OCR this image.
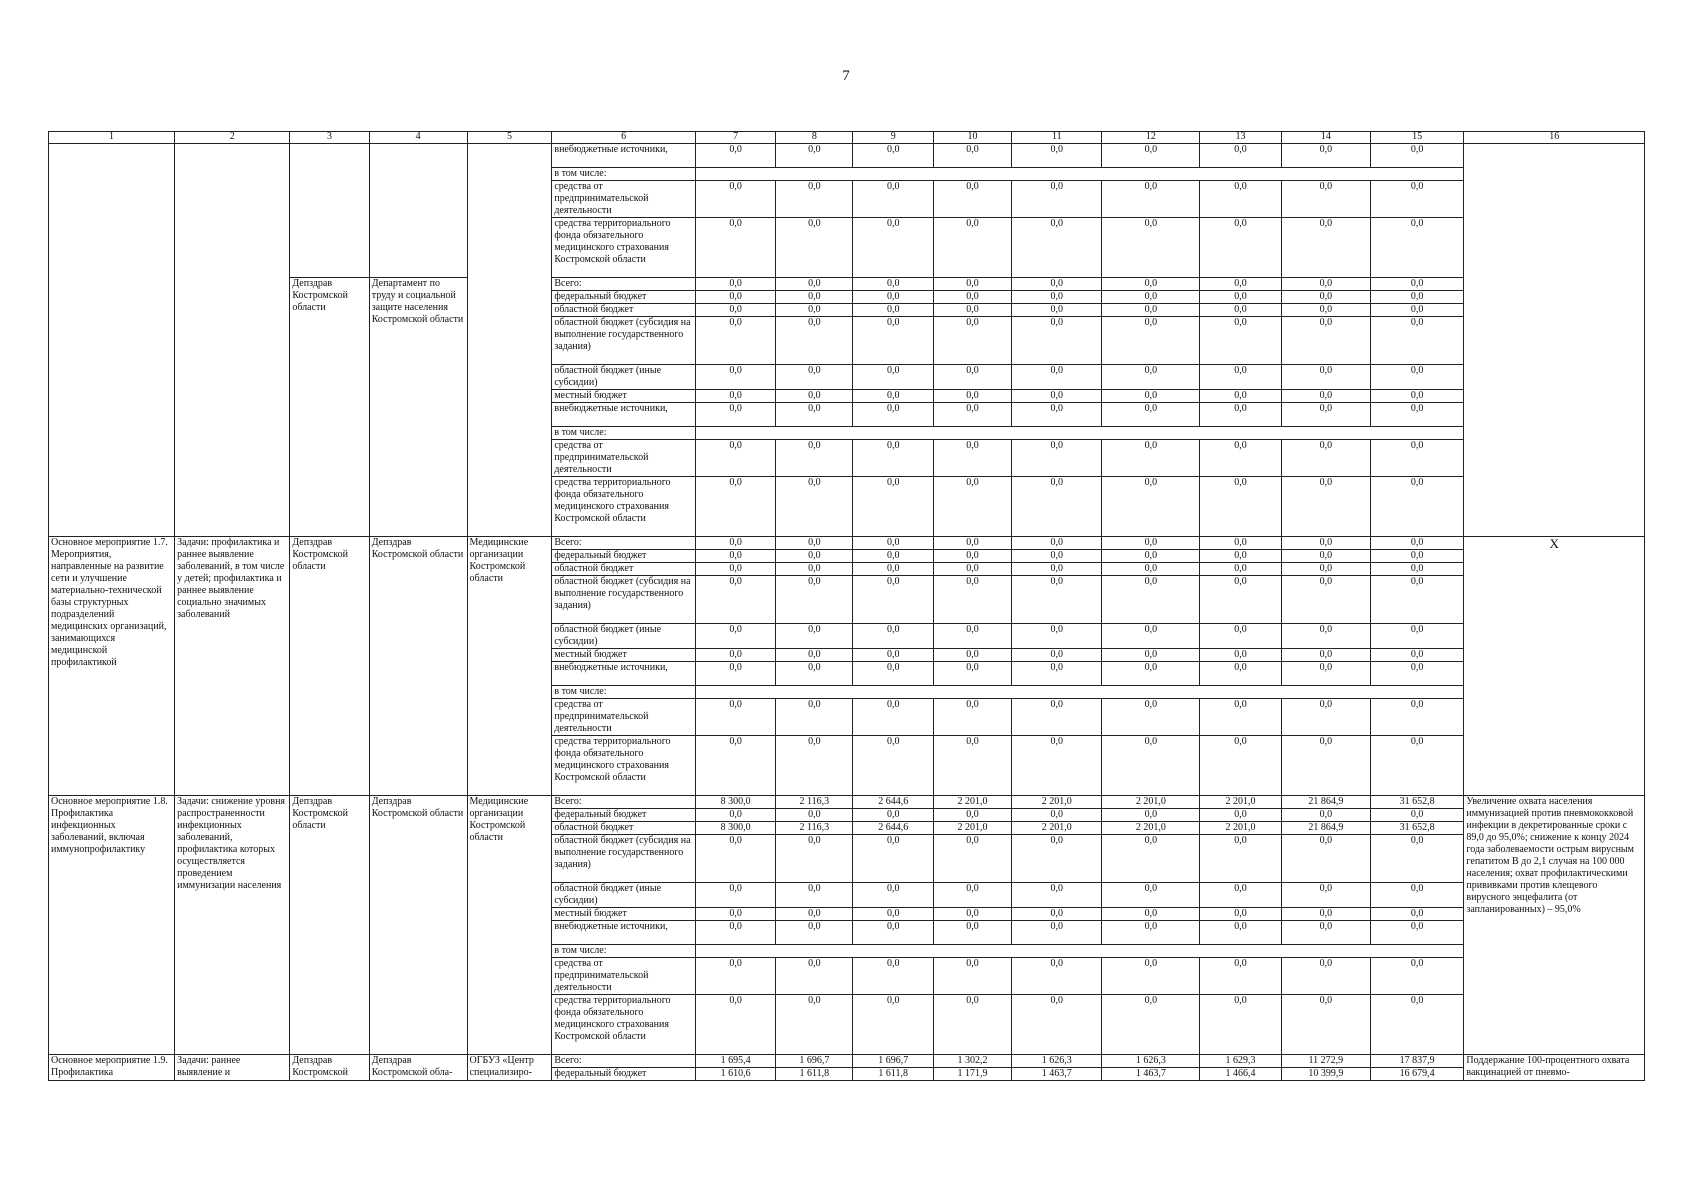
7
1	2	3	4	5	6	7	8	9	10	11	12	13	14	15	16
					внебюджетные источники,	0,0	0,0	0,0	0,0	0,0	0,0	0,0	0,0	0,0	
					в том числе:										
					средства от предпринимательской деятельности	0,0	0,0	0,0	0,0	0,0	0,0	0,0	0,0	0,0	
					средства территориального фонда обязательного медицинского страхования Костромской области	0,0	0,0	0,0	0,0	0,0	0,0	0,0	0,0	0,0	
		Депздрав Костромской области	Департамент по труду и социальной защите населения Костромской области		Всего:	0,0	0,0	0,0	0,0	0,0	0,0	0,0	0,0	0,0	
					федеральный бюджет	0,0	0,0	0,0	0,0	0,0	0,0	0,0	0,0	0,0	
					областной бюджет	0,0	0,0	0,0	0,0	0,0	0,0	0,0	0,0	0,0	
					областной бюджет (субсидия на выполнение государственного задания)	0,0	0,0	0,0	0,0	0,0	0,0	0,0	0,0	0,0	
					областной бюджет (иные субсидии)	0,0	0,0	0,0	0,0	0,0	0,0	0,0	0,0	0,0	
					местный бюджет	0,0	0,0	0,0	0,0	0,0	0,0	0,0	0,0	0,0	
					внебюджетные источники,	0,0	0,0	0,0	0,0	0,0	0,0	0,0	0,0	0,0	
					в том числе:										
					средства от предпринимательской деятельности	0,0	0,0	0,0	0,0	0,0	0,0	0,0	0,0	0,0	
					средства территориального фонда обязательного медицинского страхования Костромской области	0,0	0,0	0,0	0,0	0,0	0,0	0,0	0,0	0,0	
Основное мероприятие 1.7. Мероприятия, направленные на развитие сети и улучшение материально-технической базы структурных подразделений медицинских организаций, занимающихся медицинской профилактикой	Задачи: профилактика и раннее выявление заболеваний, в том числе у детей; профилактика и раннее выявление социально значимых заболеваний	Депздрав Костромской области	Депздрав Костромской области	Медицинские организации Костромской области	Всего:	0,0	0,0	0,0	0,0	0,0	0,0	0,0	0,0	0,0	Х
					федеральный бюджет	0,0	0,0	0,0	0,0	0,0	0,0	0,0	0,0	0,0	
					областной бюджет	0,0	0,0	0,0	0,0	0,0	0,0	0,0	0,0	0,0	
					областной бюджет (субсидия на выполнение государственного задания)	0,0	0,0	0,0	0,0	0,0	0,0	0,0	0,0	0,0	
					областной бюджет (иные субсидии)	0,0	0,0	0,0	0,0	0,0	0,0	0,0	0,0	0,0	
					местный бюджет	0,0	0,0	0,0	0,0	0,0	0,0	0,0	0,0	0,0	
					внебюджетные источники,	0,0	0,0	0,0	0,0	0,0	0,0	0,0	0,0	0,0	
					в том числе:										
					средства от предпринимательской деятельности	0,0	0,0	0,0	0,0	0,0	0,0	0,0	0,0	0,0	
					средства территориального фонда обязательного медицинского страхования Костромской области	0,0	0,0	0,0	0,0	0,0	0,0	0,0	0,0	0,0	
Основное мероприятие 1.8. Профилактика инфекционных заболеваний, включая иммунопрофилактику	Задачи: снижение уровня распространенности инфекционных заболеваний, профилактика которых осуществляется проведением иммунизации населения	Депздрав Костромской области	Депздрав Костромской области	Медицинские организации Костромской области	Всего:	8 300,0	2 116,3	2 644,6	2 201,0	2 201,0	2 201,0	2 201,0	21 864,9	31 652,8	Увеличение охвата населения иммунизацией против пневмококковой инфекции в декретированные сроки с 89,0 до 95,0%; снижение к концу 2024 года заболеваемости острым вирусным гепатитом В до 2,1 случая на 100 000 населения; охват профилактическими прививками против клещевого вирусного энцефалита (от запланированных) – 95,0%
					федеральный бюджет	0,0	0,0	0,0	0,0	0,0	0,0	0,0	0,0	0,0	
					областной бюджет	8 300,0	2 116,3	2 644,6	2 201,0	2 201,0	2 201,0	2 201,0	21 864,9	31 652,8	
					областной бюджет (субсидия на выполнение государственного задания)	0,0	0,0	0,0	0,0	0,0	0,0	0,0	0,0	0,0	
					областной бюджет (иные субсидии)	0,0	0,0	0,0	0,0	0,0	0,0	0,0	0,0	0,0	
					местный бюджет	0,0	0,0	0,0	0,0	0,0	0,0	0,0	0,0	0,0	
					внебюджетные источники,	0,0	0,0	0,0	0,0	0,0	0,0	0,0	0,0	0,0	
					в том числе:										
					средства от предпринимательской деятельности	0,0	0,0	0,0	0,0	0,0	0,0	0,0	0,0	0,0	
					средства территориального фонда обязательного медицинского страхования Костромской области	0,0	0,0	0,0	0,0	0,0	0,0	0,0	0,0	0,0	
Основное мероприятие 1.9. Профилактика	Задачи: раннее выявление и	Депздрав Костромской	Депздрав Костромской обла-	ОГБУЗ «Центр специализиро-	Всего:	1 695,4	1 696,7	1 696,7	1 302,2	1 626,3	1 626,3	1 629,3	11 272,9	17 837,9	Поддержание 100-процентного охвата вакцинацией от пневмо-
					федеральный бюджет	1 610,6	1 611,8	1 611,8	1 171,9	1 463,7	1 463,7	1 466,4	10 399,9	16 679,4	
